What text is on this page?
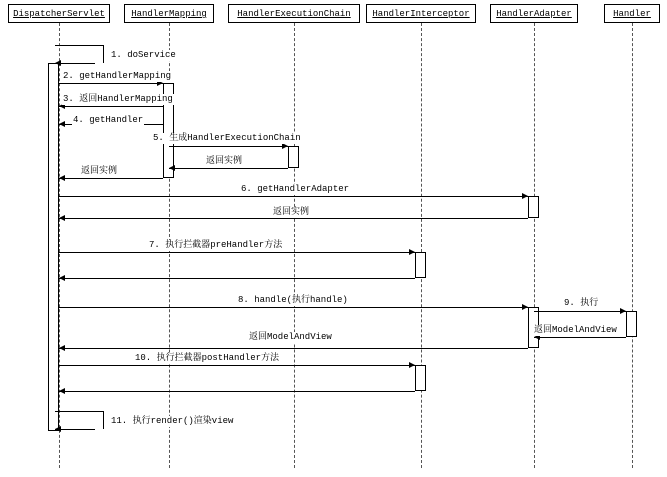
DispatcherServlet	HandlerMapping	HandlerExecutionChain	HandlerInterceptor	HandlerAdapter	Handler
1. doService
2. getHandlerMapping
3. 返回HandlerMapping
4. getHandler
5. 生成HandlerExecutionChain
返回实例
返回实例
6. getHandlerAdapter
返回实例
7. 执行拦截器preHandler方法
8. handle(执行handle)	9. 执行
返回ModelAndView
返回ModelAndView
10. 执行拦截器postHandler方法
11. 执行render()渲染view
